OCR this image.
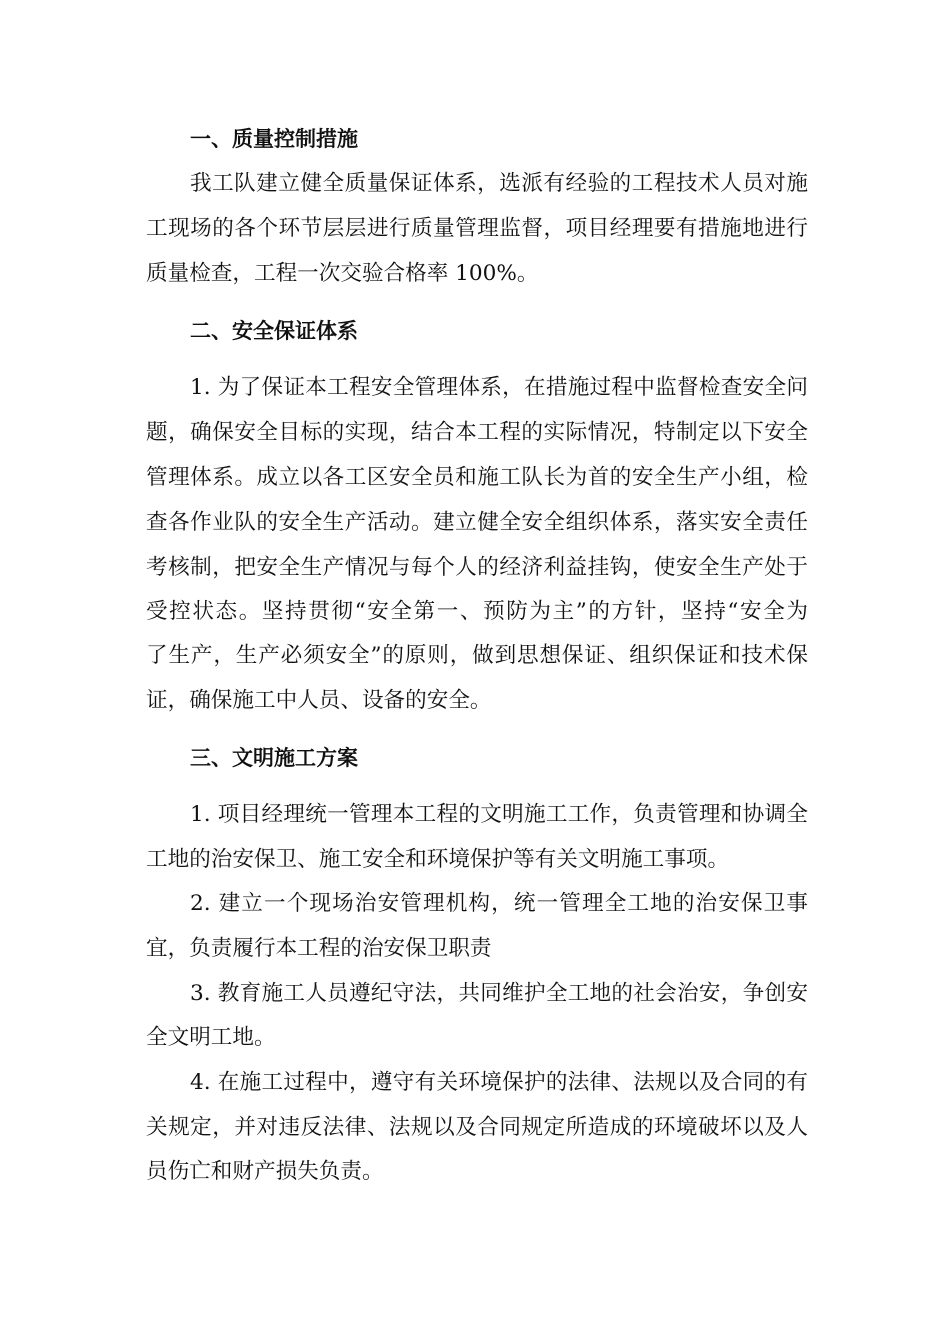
一、质量控制措施
我工队建立健全质量保证体系，选派有经验的工程技术人员对施
工现场的各个环节层层进行质量管理监督，项目经理要有措施地进行
质量检查，工程一次交验合格率 100%。
二、安全保证体系
1. 为了保证本工程安全管理体系，在措施过程中监督检查安全问
题，确保安全目标的实现，结合本工程的实际情况，特制定以下安全
管理体系。成立以各工区安全员和施工队长为首的安全生产小组，检
查各作业队的安全生产活动。建立健全安全组织体系，落实安全责任
考核制，把安全生产情况与每个人的经济利益挂钩，使安全生产处于
受控状态。坚持贯彻“安全第一、预防为主”的方针，坚持“安全为
了生产，生产必须安全”的原则，做到思想保证、组织保证和技术保
证，确保施工中人员、设备的安全。
三、文明施工方案
1. 项目经理统一管理本工程的文明施工工作，负责管理和协调全
工地的治安保卫、施工安全和环境保护等有关文明施工事项。
2. 建立一个现场治安管理机构，统一管理全工地的治安保卫事
宜，负责履行本工程的治安保卫职责
3. 教育施工人员遵纪守法，共同维护全工地的社会治安，争创安
全文明工地。
4. 在施工过程中，遵守有关环境保护的法律、法规以及合同的有
关规定，并对违反法律、法规以及合同规定所造成的环境破坏以及人
员伤亡和财产损失负责。
